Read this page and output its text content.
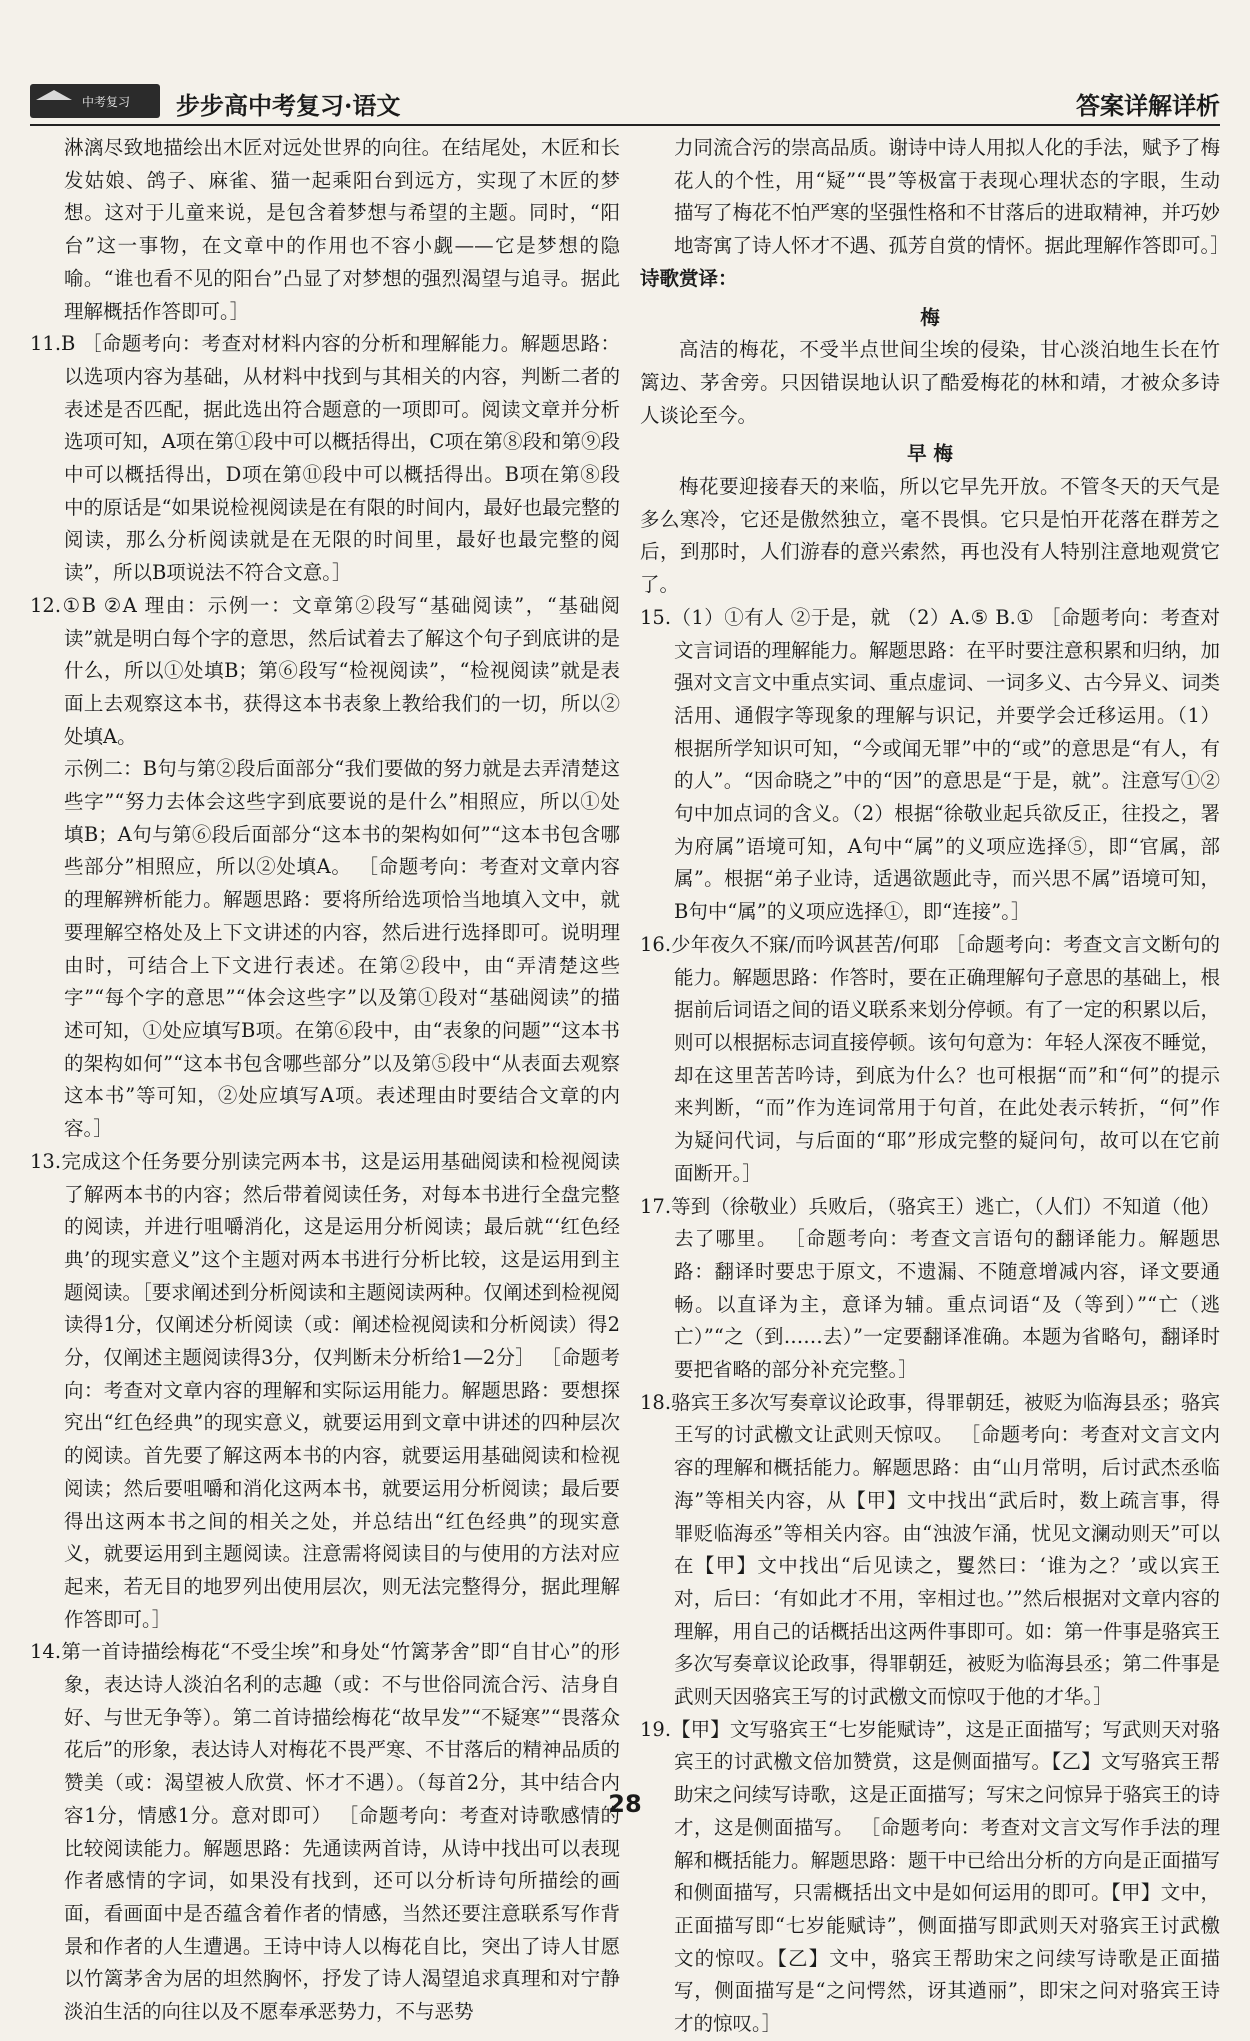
中考复习 步步高中考复习·语文	答案详解详析

淋漓尽致地描绘出木匠对远处世界的向往。在结尾处，木匠和长发姑娘、鸽子、麻雀、猫一起乘阳台到远方，实现了木匠的梦想。这对于儿童来说，是包含着梦想与希望的主题。同时，“阳台”这一事物，在文章中的作用也不容小觑——它是梦想的隐喻。“谁也看不见的阳台”凸显了对梦想的强烈渴望与追寻。据此理解概括作答即可。］

11.B ［命题考向：考查对材料内容的分析和理解能力。解题思路：以选项内容为基础，从材料中找到与其相关的内容，判断二者的表述是否匹配，据此选出符合题意的一项即可。阅读文章并分析选项可知，A项在第①段中可以概括得出，C项在第⑧段和第⑨段中可以概括得出，D项在第⑪段中可以概括得出。B项在第⑧段中的原话是“如果说检视阅读是在有限的时间内，最好也最完整的阅读，那么分析阅读就是在无限的时间里，最好也最完整的阅读”，所以B项说法不符合文意。］

12.①B ②A 理由：示例一：文章第②段写“基础阅读”，“基础阅读”就是明白每个字的意思，然后试着去了解这个句子到底讲的是什么，所以①处填B；第⑥段写“检视阅读”，“检视阅读”就是表面上去观察这本书，获得这本书表象上教给我们的一切，所以②处填A。

示例二：B句与第②段后面部分“我们要做的努力就是去弄清楚这些字”“努力去体会这些字到底要说的是什么”相照应，所以①处填B；A句与第⑥段后面部分“这本书的架构如何”“这本书包含哪些部分”相照应，所以②处填A。 ［命题考向：考查对文章内容的理解辨析能力。解题思路：要将所给选项恰当地填入文中，就要理解空格处及上下文讲述的内容，然后进行选择即可。说明理由时，可结合上下文进行表述。在第②段中，由“弄清楚这些字”“每个字的意思”“体会这些字”以及第①段对“基础阅读”的描述可知，①处应填写B项。在第⑥段中，由“表象的问题”“这本书的架构如何”“这本书包含哪些部分”以及第⑤段中“从表面去观察这本书”等可知，②处应填写A项。表述理由时要结合文章的内容。］

13.完成这个任务要分别读完两本书，这是运用基础阅读和检视阅读了解两本书的内容；然后带着阅读任务，对每本书进行全盘完整的阅读，并进行咀嚼消化，这是运用分析阅读；最后就“‘红色经典’的现实意义”这个主题对两本书进行分析比较，这是运用到主题阅读。［要求阐述到分析阅读和主题阅读两种。仅阐述到检视阅读得1分，仅阐述分析阅读（或：阐述检视阅读和分析阅读）得2分，仅阐述主题阅读得3分，仅判断未分析给1—2分］ ［命题考向：考查对文章内容的理解和实际运用能力。解题思路：要想探究出“红色经典”的现实意义，就要运用到文章中讲述的四种层次的阅读。首先要了解这两本书的内容，就要运用基础阅读和检视阅读；然后要咀嚼和消化这两本书，就要运用分析阅读；最后要得出这两本书之间的相关之处，并总结出“红色经典”的现实意义，就要运用到主题阅读。注意需将阅读目的与使用的方法对应起来，若无目的地罗列出使用层次，则无法完整得分，据此理解作答即可。］

14.第一首诗描绘梅花“不受尘埃”和身处“竹篱茅舍”即“自甘心”的形象，表达诗人淡泊名利的志趣（或：不与世俗同流合污、洁身自好、与世无争等）。第二首诗描绘梅花“故早发”“不疑寒”“畏落众花后”的形象，表达诗人对梅花不畏严寒、不甘落后的精神品质的赞美（或：渴望被人欣赏、怀才不遇）。（每首2分，其中结合内容1分，情感1分。意对即可） ［命题考向：考查对诗歌感情的比较阅读能力。解题思路：先通读两首诗，从诗中找出可以表现作者感情的字词，如果没有找到，还可以分析诗句所描绘的画面，看画面中是否蕴含着作者的情感，当然还要注意联系写作背景和作者的人生遭遇。王诗中诗人以梅花自比，突出了诗人甘愿以竹篱茅舍为居的坦然胸怀，抒发了诗人渴望追求真理和对宁静淡泊生活的向往以及不愿奉承恶势力，不与恶势

力同流合污的崇高品质。谢诗中诗人用拟人化的手法，赋予了梅花人的个性，用“疑”“畏”等极富于表现心理状态的字眼，生动描写了梅花不怕严寒的坚强性格和不甘落后的进取精神，并巧妙地寄寓了诗人怀才不遇、孤芳自赏的情怀。据此理解作答即可。］

诗歌赏译：

梅

高洁的梅花，不受半点世间尘埃的侵染，甘心淡泊地生长在竹篱边、茅舍旁。只因错误地认识了酷爱梅花的林和靖，才被众多诗人谈论至今。

早 梅

梅花要迎接春天的来临，所以它早先开放。不管冬天的天气是多么寒冷，它还是傲然独立，毫不畏惧。它只是怕开花落在群芳之后，到那时，人们游春的意兴索然，再也没有人特别注意地观赏它了。

15.（1）①有人 ②于是，就 （2）A.⑤ B.① ［命题考向：考查对文言词语的理解能力。解题思路：在平时要注意积累和归纳，加强对文言文中重点实词、重点虚词、一词多义、古今异义、词类活用、通假字等现象的理解与识记，并要学会迁移运用。（1）根据所学知识可知，“今或闻无罪”中的“或”的意思是“有人，有的人”。“因命晓之”中的“因”的意思是“于是，就”。注意写①②句中加点词的含义。（2）根据“徐敬业起兵欲反正，往投之，署为府属”语境可知，A句中“属”的义项应选择⑤，即“官属，部属”。根据“弟子业诗，适遇欲题此寺，而兴思不属”语境可知，B句中“属”的义项应选择①，即“连接”。］

16.少年夜久不寐/而吟讽甚苦/何耶 ［命题考向：考查文言文断句的能力。解题思路：作答时，要在正确理解句子意思的基础上，根据前后词语之间的语义联系来划分停顿。有了一定的积累以后，则可以根据标志词直接停顿。该句句意为：年轻人深夜不睡觉，却在这里苦苦吟诗，到底为什么？也可根据“而”和“何”的提示来判断，“而”作为连词常用于句首，在此处表示转折，“何”作为疑问代词，与后面的“耶”形成完整的疑问句，故可以在它前面断开。］

17.等到（徐敬业）兵败后，（骆宾王）逃亡，（人们）不知道（他）去了哪里。 ［命题考向：考查文言语句的翻译能力。解题思路：翻译时要忠于原文，不遗漏、不随意增减内容，译文要通畅。以直译为主，意译为辅。重点词语“及（等到）”“亡（逃亡）”“之（到……去）”一定要翻译准确。本题为省略句，翻译时要把省略的部分补充完整。］

18.骆宾王多次写奏章议论政事，得罪朝廷，被贬为临海县丞；骆宾王写的讨武檄文让武则天惊叹。 ［命题考向：考查对文言文内容的理解和概括能力。解题思路：由“山月常明，后讨武杰丞临海”等相关内容，从【甲】文中找出“武后时，数上疏言事，得罪贬临海丞”等相关内容。由“浊波乍涌，忧见文澜动则天”可以在【甲】文中找出“后见读之，矍然曰：‘谁为之？’或以宾王对，后曰：‘有如此才不用，宰相过也。’”然后根据对文章内容的理解，用自己的话概括出这两件事即可。如：第一件事是骆宾王多次写奏章议论政事，得罪朝廷，被贬为临海县丞；第二件事是武则天因骆宾王写的讨武檄文而惊叹于他的才华。］

19.【甲】文写骆宾王“七岁能赋诗”，这是正面描写；写武则天对骆宾王的讨武檄文倍加赞赏，这是侧面描写。【乙】文写骆宾王帮助宋之问续写诗歌，这是正面描写；写宋之问惊异于骆宾王的诗才，这是侧面描写。 ［命题考向：考查对文言文写作手法的理解和概括能力。解题思路：题干中已给出分析的方向是正面描写和侧面描写，只需概括出文中是如何运用的即可。【甲】文中，正面描写即“七岁能赋诗”，侧面描写即武则天对骆宾王讨武檄文的惊叹。【乙】文中，骆宾王帮助宋之问续写诗歌是正面描写，侧面描写是“之问愕然，讶其遒丽”，即宋之问对骆宾王诗才的惊叹。］

28
